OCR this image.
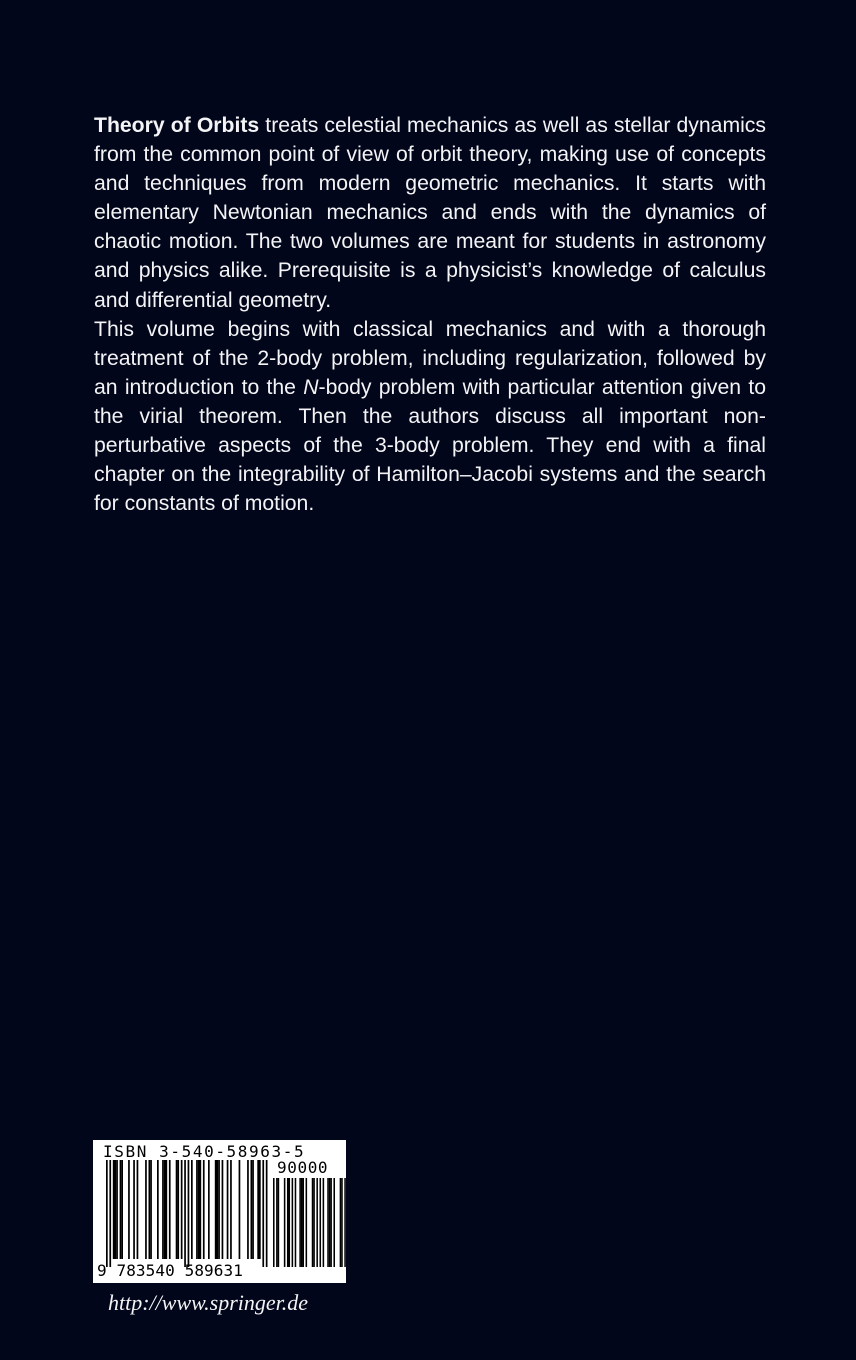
Theory of Orbits treats celestial mechanics as well as stellar dynamics from the common point of view of orbit theory, making use of concepts and techniques from modern geometric mechanics. It starts with elementary Newtonian mechanics and ends with the dynamics of chaotic motion. The two volumes are meant for students in astronomy and physics alike. Prerequisite is a physicist’s knowledge of calculus and differential geometry.

This volume begins with classical mechanics and with a thorough treatment of the 2-body problem, including regularization, followed by an introduction to the N-body problem with particular attention given to the virial theorem. Then the authors discuss all important non-perturbative aspects of the 3-body problem. They end with a final chapter on the integrability of Hamilton–Jacobi systems and the search for constants of motion.

ISBN 3-540-58963-5
90000
9 783540 589631
http://www.springer.de
